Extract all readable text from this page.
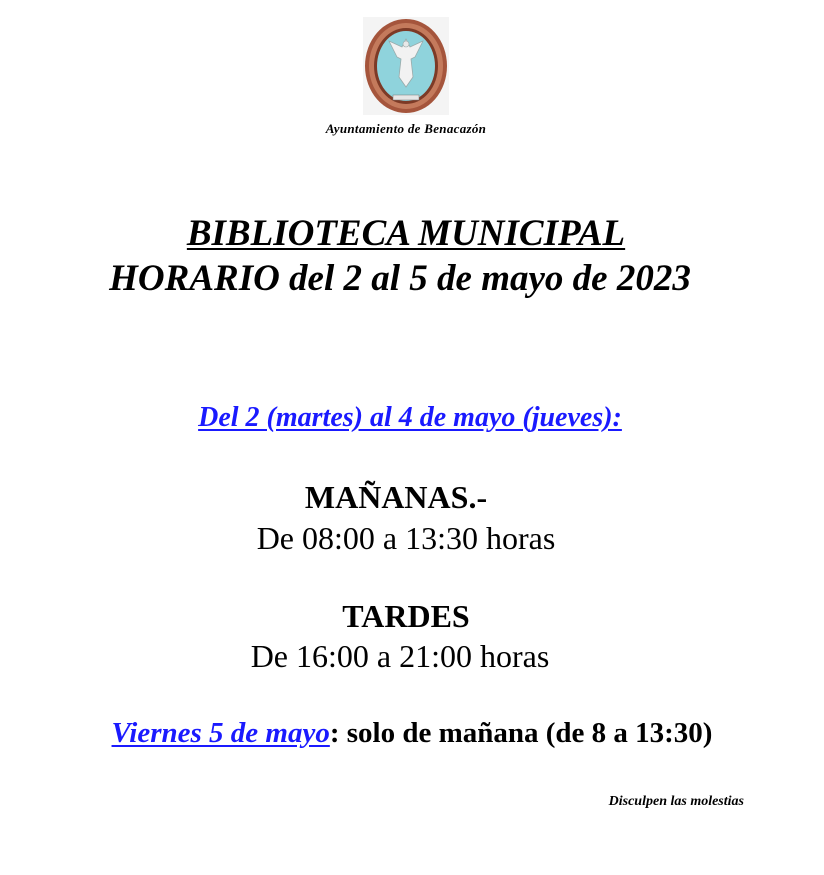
Ayuntamiento de Benacazón
BIBLIOTECA MUNICIPAL
HORARIO del 2 al 5 de mayo de 2023
Del 2 (martes) al 4 de mayo (jueves):
MAÑANAS.-
De 08:00 a 13:30 horas
TARDES
De 16:00 a 21:00 horas
Viernes 5 de mayo: solo de mañana (de 8 a 13:30)
Disculpen las molestias
